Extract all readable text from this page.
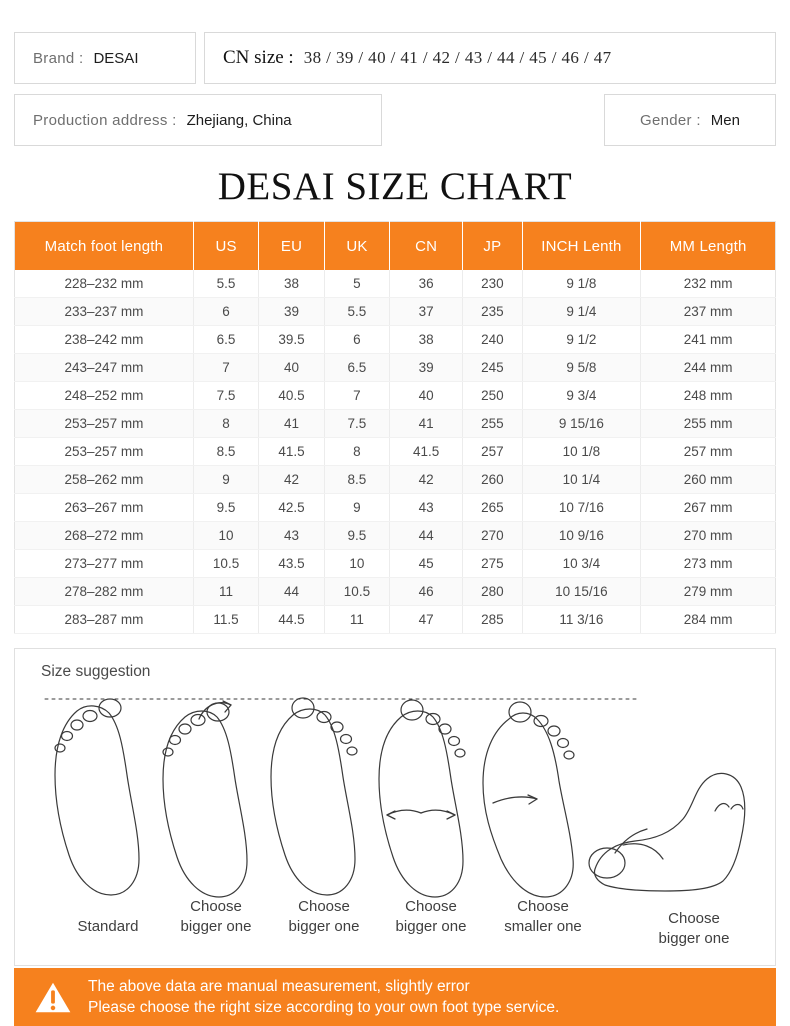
Brand : DESAI	CN size : 38 / 39 / 40 / 41 / 42 / 43 / 44 / 45 / 46 / 47
Production address : Zhejiang, China	Gender : Men
DESAI SIZE CHART
Match foot length	US	EU	UK	CN	JP	INCH Lenth	MM Length
228–232 mm	5.5	38	5	36	230	9 1/8	232 mm
233–237 mm	6	39	5.5	37	235	9 1/4	237 mm
238–242 mm	6.5	39.5	6	38	240	9 1/2	241 mm
243–247 mm	7	40	6.5	39	245	9 5/8	244 mm
248–252 mm	7.5	40.5	7	40	250	9 3/4	248 mm
253–257 mm	8	41	7.5	41	255	9 15/16	255 mm
253–257 mm	8.5	41.5	8	41.5	257	10 1/8	257 mm
258–262 mm	9	42	8.5	42	260	10 1/4	260 mm
263–267 mm	9.5	42.5	9	43	265	10 7/16	267 mm
268–272 mm	10	43	9.5	44	270	10 9/16	270 mm
273–277 mm	10.5	43.5	10	45	275	10 3/4	273 mm
278–282 mm	11	44	10.5	46	280	10 15/16	279 mm
283–287 mm	11.5	44.5	11	47	285	11 3/16	284 mm
Size suggestion
Standard
Choose
bigger one
Choose
bigger one
Choose
bigger one
Choose
smaller one	Choose
bigger one
The above data are manual measurement, slightly error
Please choose the right size according to your own foot type service.
